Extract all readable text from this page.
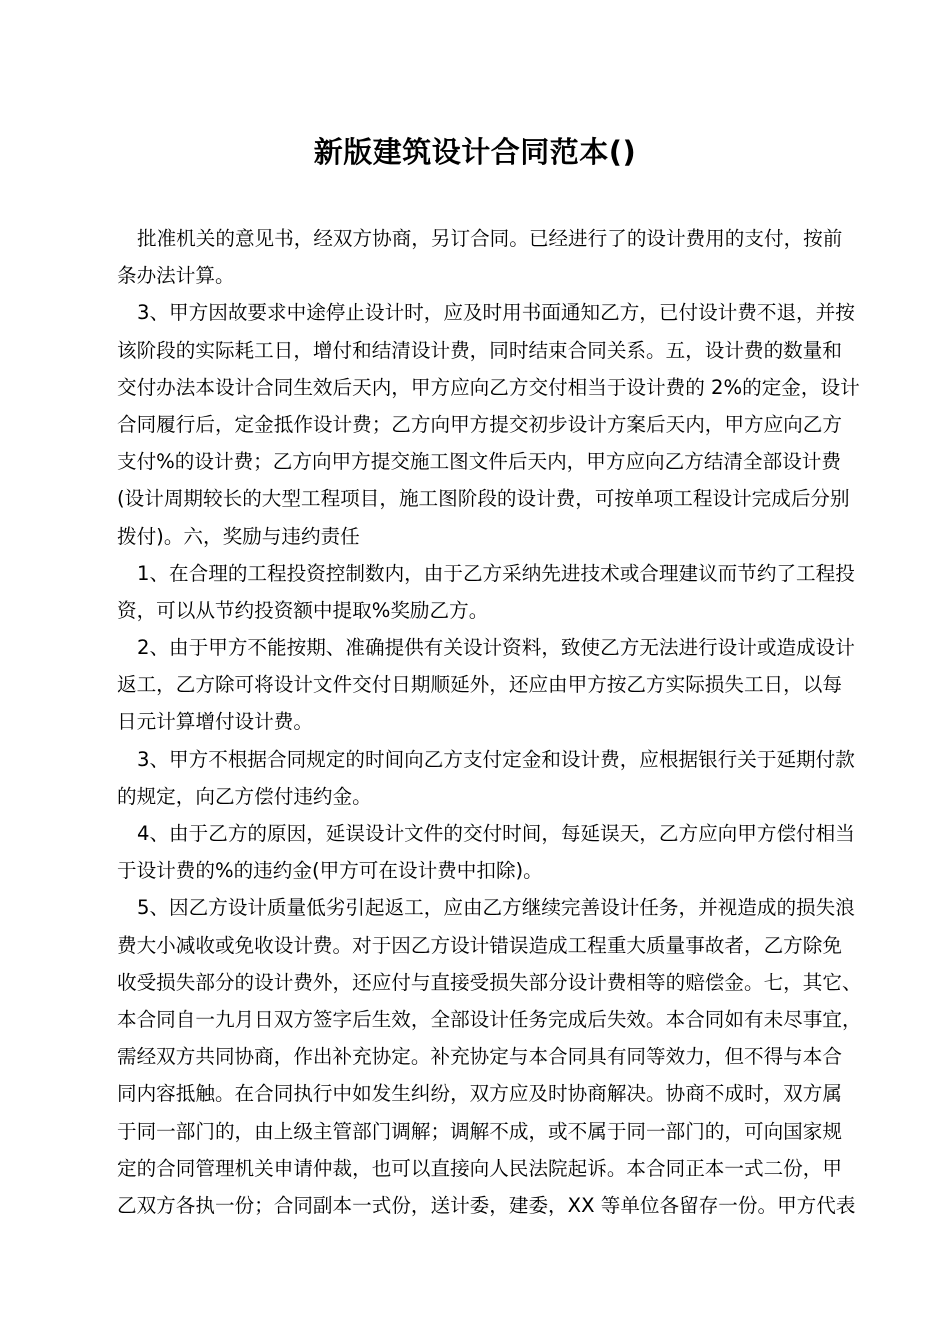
新版建筑设计合同范本()
批准机关的意见书，经双方协商，另订合同。已经进行了的设计费用的支付，按前
条办法计算。
3、甲方因故要求中途停止设计时，应及时用书面通知乙方，已付设计费不退，并按
该阶段的实际耗工日，增付和结清设计费，同时结束合同关系。五，设计费的数量和
交付办法本设计合同生效后天内，甲方应向乙方交付相当于设计费的 2%的定金，设计
合同履行后，定金抵作设计费；乙方向甲方提交初步设计方案后天内，甲方应向乙方
支付%的设计费；乙方向甲方提交施工图文件后天内，甲方应向乙方结清全部设计费
(设计周期较长的大型工程项目，施工图阶段的设计费，可按单项工程设计完成后分别
拨付)。六，奖励与违约责任
1、在合理的工程投资控制数内，由于乙方采纳先进技术或合理建议而节约了工程投
资，可以从节约投资额中提取%奖励乙方。
2、由于甲方不能按期、准确提供有关设计资料，致使乙方无法进行设计或造成设计
返工，乙方除可将设计文件交付日期顺延外，还应由甲方按乙方实际损失工日，以每
日元计算增付设计费。
3、甲方不根据合同规定的时间向乙方支付定金和设计费，应根据银行关于延期付款
的规定，向乙方偿付违约金。
4、由于乙方的原因，延误设计文件的交付时间，每延误天，乙方应向甲方偿付相当
于设计费的%的违约金(甲方可在设计费中扣除)。
5、因乙方设计质量低劣引起返工，应由乙方继续完善设计任务，并视造成的损失浪
费大小减收或免收设计费。对于因乙方设计错误造成工程重大质量事故者，乙方除免
收受损失部分的设计费外，还应付与直接受损失部分设计费相等的赔偿金。七，其它、
本合同自一九月日双方签字后生效，全部设计任务完成后失效。本合同如有未尽事宜，
需经双方共同协商，作出补充协定。补充协定与本合同具有同等效力，但不得与本合
同内容抵触。在合同执行中如发生纠纷，双方应及时协商解决。协商不成时，双方属
于同一部门的，由上级主管部门调解；调解不成，或不属于同一部门的，可向国家规
定的合同管理机关申请仲裁，也可以直接向人民法院起诉。本合同正本一式二份，甲
乙双方各执一份；合同副本一式份，送计委，建委，XX 等单位各留存一份。甲方代表
